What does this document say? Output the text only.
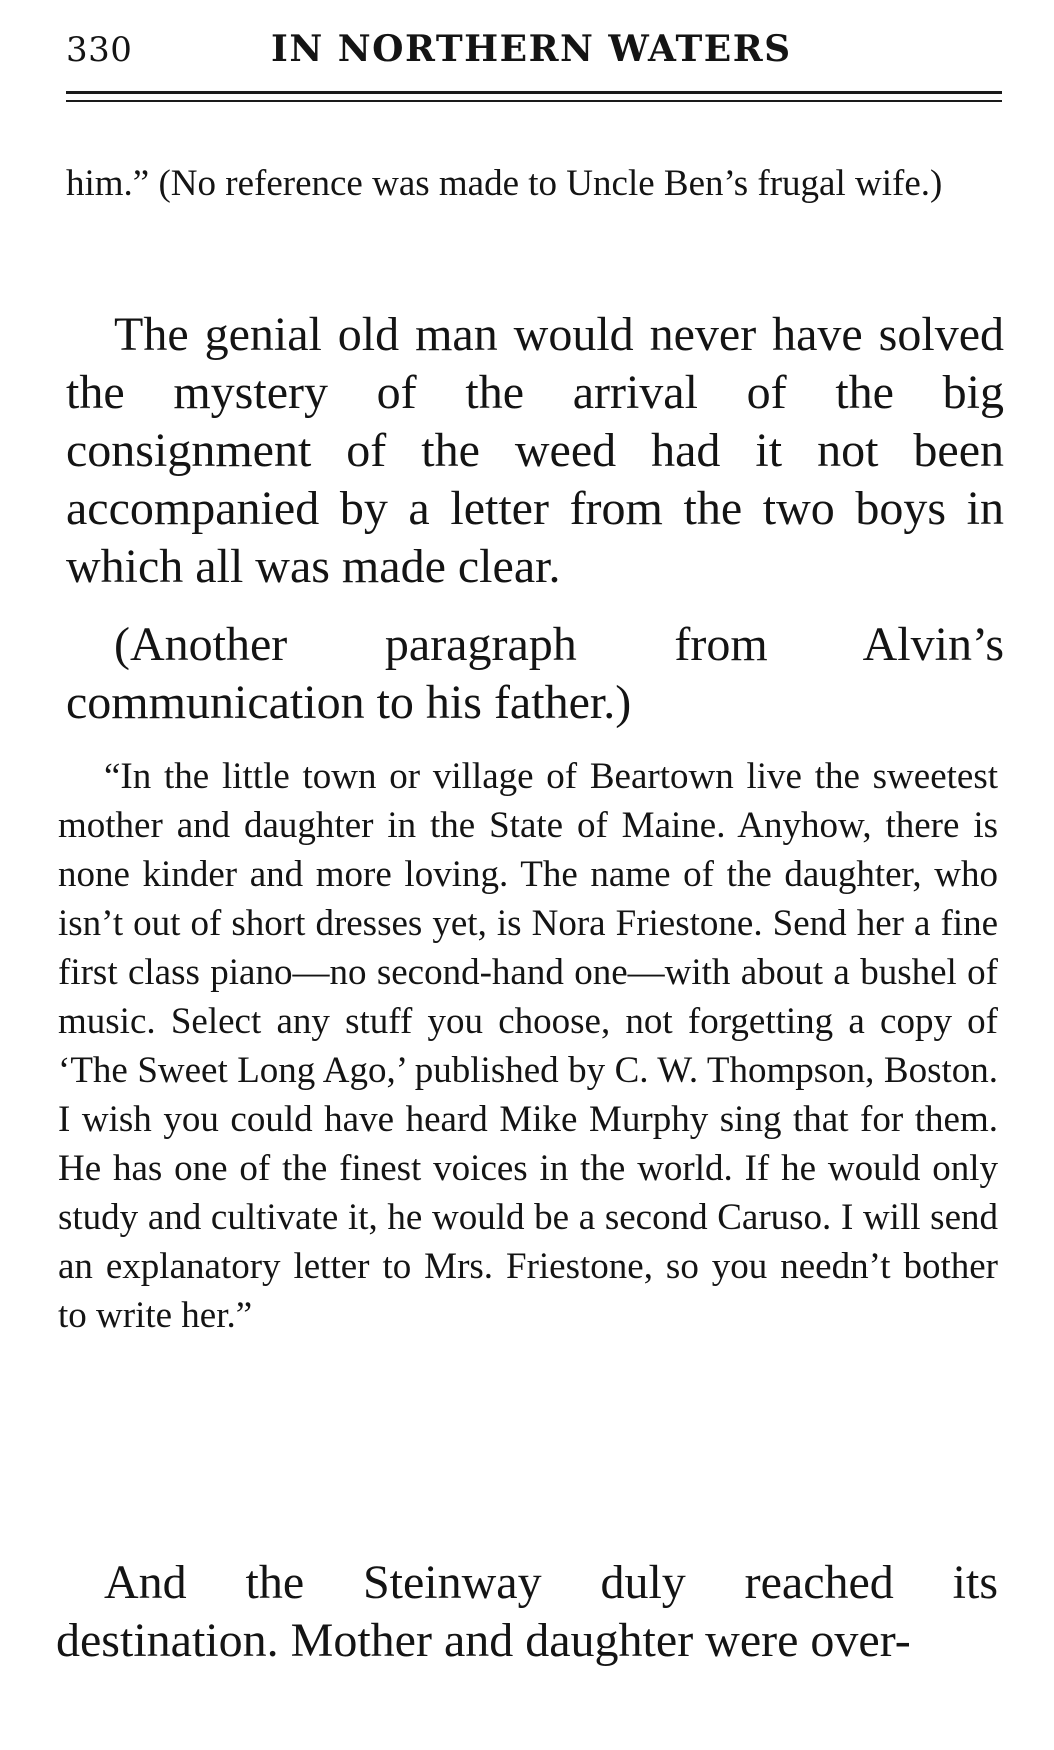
330	IN NORTHERN WATERS

him.” (No reference was made to Uncle Ben’s frugal wife.)

The genial old man would never have solved the mystery of the arrival of the big consignment of the weed had it not been accompanied by a letter from the two boys in which all was made clear.

(Another paragraph from Alvin’s communication to his father.)

“In the little town or village of Beartown live the sweetest mother and daughter in the State of Maine. Anyhow, there is none kinder and more loving. The name of the daughter, who isn’t out of short dresses yet, is Nora Friestone. Send her a fine first class piano—no second-hand one—with about a bushel of music. Select any stuff you choose, not forgetting a copy of ‘The Sweet Long Ago,’ published by C. W. Thompson, Boston. I wish you could have heard Mike Murphy sing that for them. He has one of the finest voices in the world. If he would only study and cultivate it, he would be a second Caruso. I will send an explanatory letter to Mrs. Friestone, so you needn’t bother to write her.”

And the Steinway duly reached its destination. Mother and daughter were over-
